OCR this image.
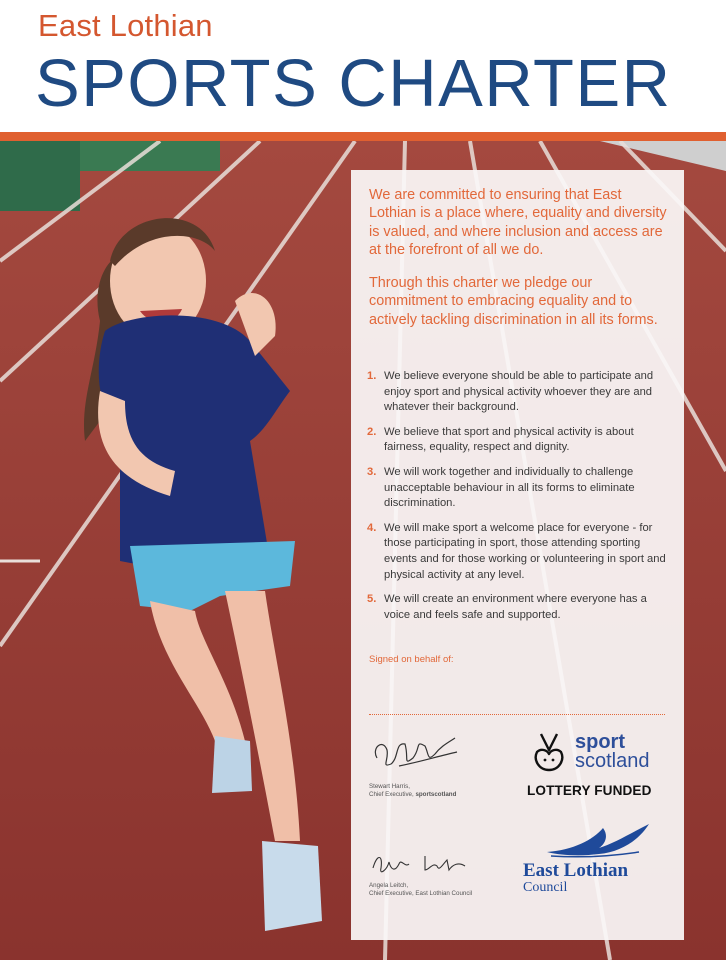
East Lothian
SPORTS CHARTER

We are committed to ensuring that East Lothian is a place where, equality and diversity is valued, and where inclusion and access are at the forefront of all we do.

Through this charter we pledge our commitment to embracing equality and to actively tackling discrimination in all its forms.

1. We believe everyone should be able to participate and enjoy sport and physical activity whoever they are and whatever their background.
2. We believe that sport and physical activity is about fairness, equality, respect and dignity.
3. We will work together and individually to challenge unacceptable behaviour in all its forms to eliminate discrimination.
4. We will make sport a welcome place for everyone - for those participating in sport, those attending sporting events and for those working or volunteering in sport and physical activity at any level.
5. We will create an environment where everyone has a voice and feels safe and supported.
Signed on behalf of:
Stewart Harris,
Chief Executive, sportscotland
Angela Leitch,
Chief Executive, East Lothian Council
sport
scotland
LOTTERY FUNDED
East Lothian
Council
